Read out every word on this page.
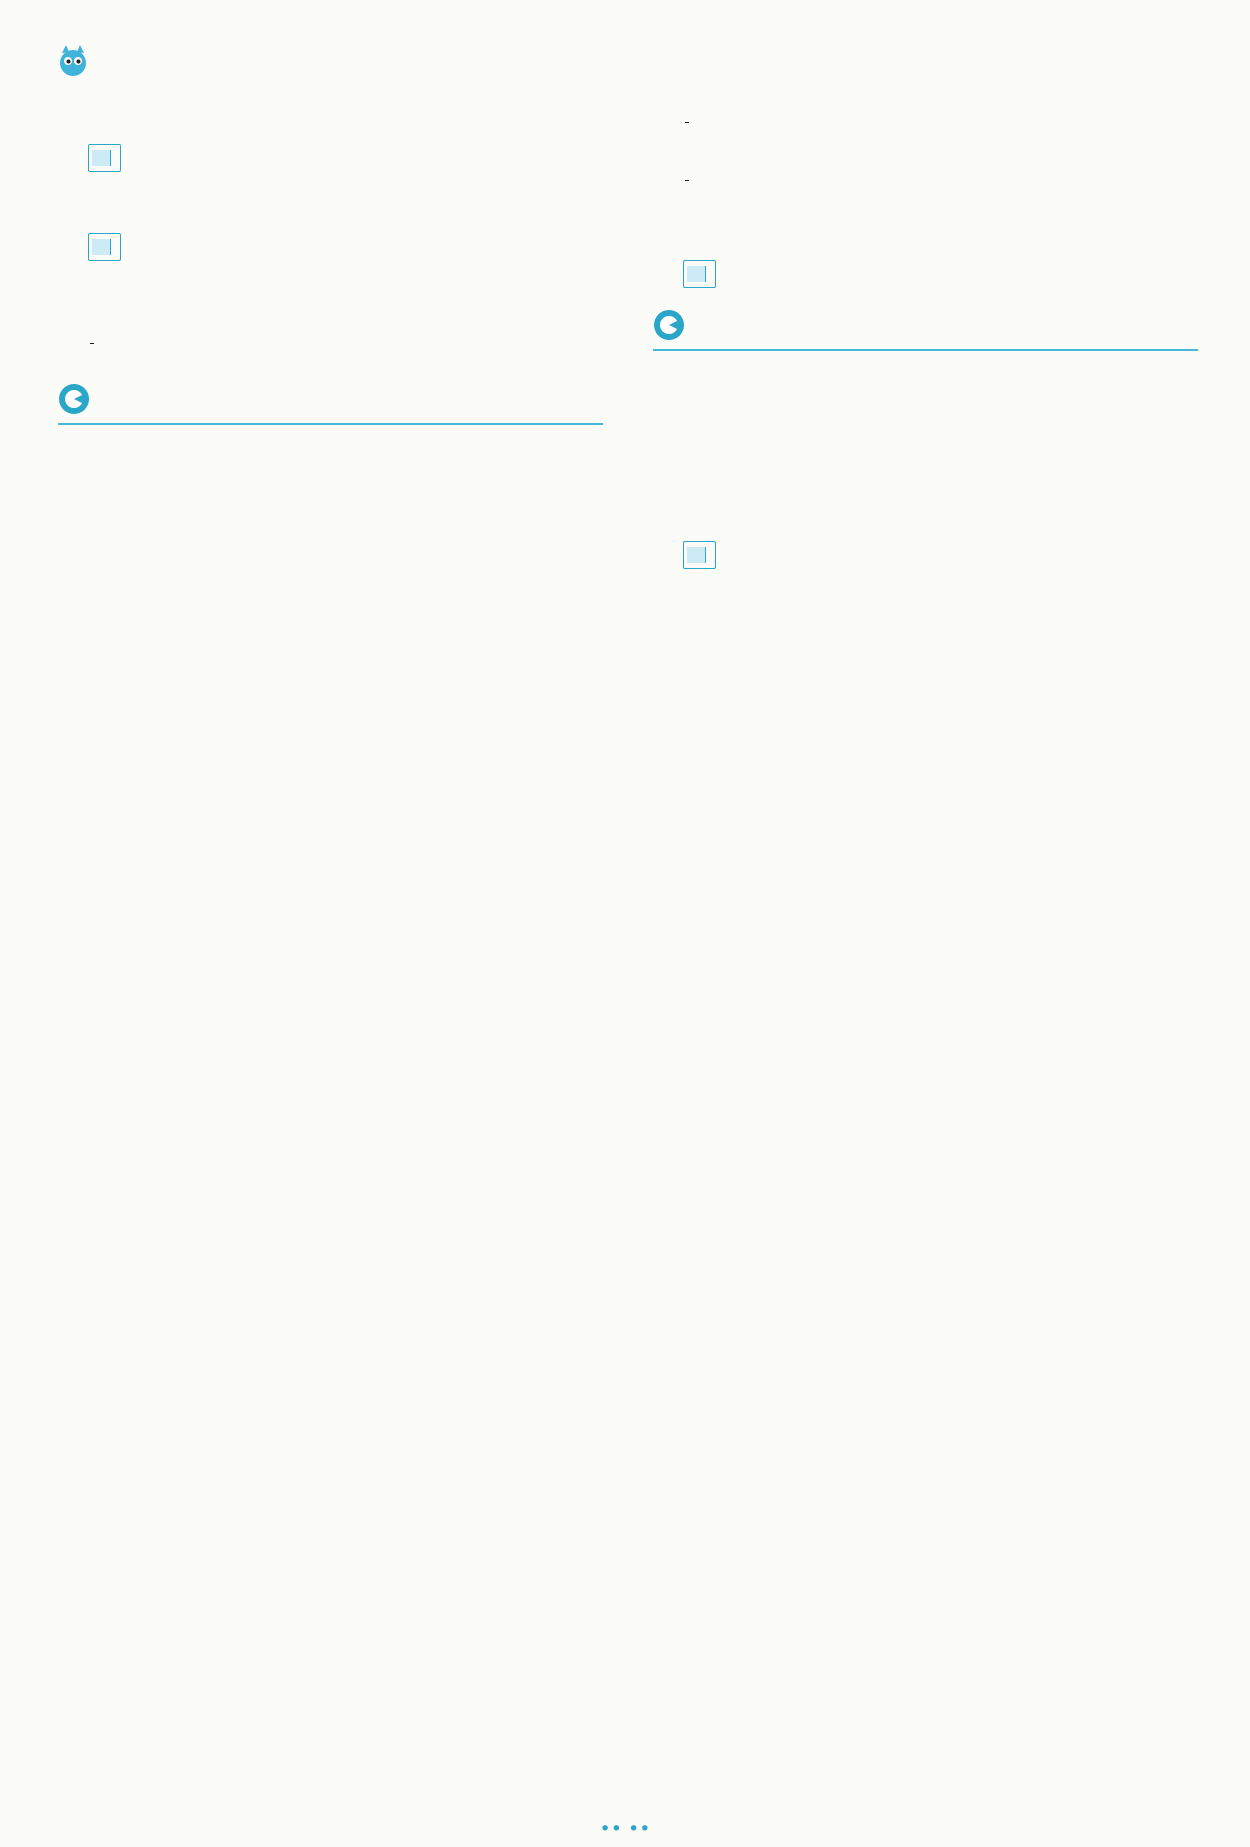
•• ••
